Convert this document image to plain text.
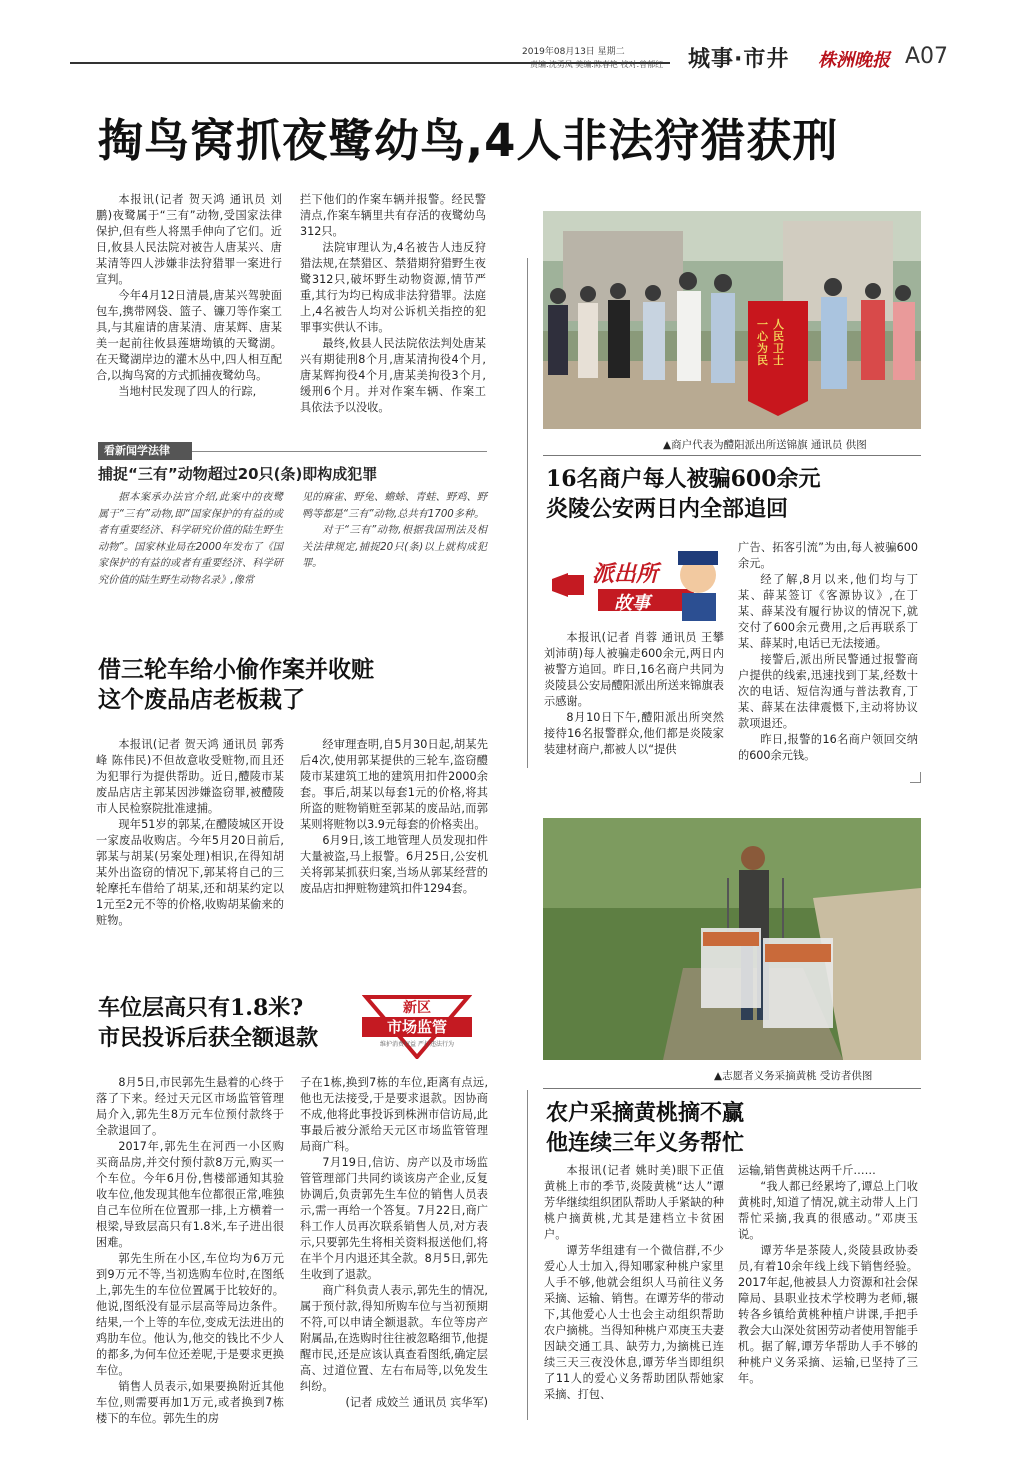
2019年08月13日 星期二
责编:沈勇凤 美编:陈春艳 校对:曾郁红 城事·市井 株洲晚报 A07
掏鸟窝抓夜鹭幼鸟,4人非法狩猎获刑

本报讯(记者 贺天鸿 通讯员 刘鹏)夜鹭属于“三有”动物,受国家法律保护,但有些人将黑手伸向了它们。近日,攸县人民法院对被告人唐某兴、唐某清等四人涉嫌非法狩猎罪一案进行宣判。

今年4月12日清晨,唐某兴驾驶面包车,携带网袋、篮子、镰刀等作案工具,与其雇请的唐某清、唐某辉、唐某美一起前往攸县莲塘坳镇的天鹭湖。在天鹭湖岸边的灌木丛中,四人相互配合,以掏鸟窝的方式抓捕夜鹭幼鸟。

当地村民发现了四人的行踪,

拦下他们的作案车辆并报警。经民警清点,作案车辆里共有存活的夜鹭幼鸟312只。

法院审理认为,4名被告人违反狩猎法规,在禁猎区、禁猎期狩猎野生夜鹭312只,破坏野生动物资源,情节严重,其行为均已构成非法狩猎罪。法庭上,4名被告人均对公诉机关指控的犯罪事实供认不讳。

最终,攸县人民法院依法判处唐某兴有期徒刑8个月,唐某清拘役4个月,唐某辉拘役4个月,唐某美拘役3个月,缓刑6个月。并对作案车辆、作案工具依法予以没收。

看新闻学法律
捕捉“三有”动物超过20只(条)即构成犯罪

据本案承办法官介绍,此案中的夜鹭属于“三有”动物,即“国家保护的有益的或者有重要经济、科学研究价值的陆生野生动物”。国家林业局在2000年发布了《国家保护的有益的或者有重要经济、科学研究价值的陆生野生动物名录》,像常

见的麻雀、野兔、蟾蜍、青蛙、野鸡、野鸭等都是“三有”动物,总共有1700多种。

对于“三有”动物,根据我国刑法及相关法律规定,捕捉20只(条)以上就构成犯罪。

借三轮车给小偷作案并收赃
这个废品店老板栽了

本报讯(记者 贺天鸿 通讯员 郭秀峰 陈伟民)不但故意收受赃物,而且还为犯罪行为提供帮助。近日,醴陵市某废品店店主郭某因涉嫌盗窃罪,被醴陵市人民检察院批准逮捕。

现年51岁的郭某,在醴陵城区开设一家废品收购店。今年5月20日前后,郭某与胡某(另案处理)相识,在得知胡某外出盗窃的情况下,郭某将自己的三轮摩托车借给了胡某,还和胡某约定以1元至2元不等的价格,收购胡某偷来的赃物。

经审理查明,自5月30日起,胡某先后4次,使用郭某提供的三轮车,盗窃醴陵市某建筑工地的建筑用扣件2000余套。事后,胡某以每套1元的价格,将其所盗的赃物销赃至郭某的废品站,而郭某则将赃物以3.9元每套的价格卖出。

6月9日,该工地管理人员发现扣件大量被盗,马上报警。6月25日,公安机关将郭某抓获归案,当场从郭某经营的废品店扣押赃物建筑扣件1294套。

车位层高只有1.8米?
市民投诉后获全额退款
新区
市场监管
维护消费权益 严打违法行为

8月5日,市民郭先生悬着的心终于落了下来。经过天元区市场监管管理局介入,郭先生8万元车位预付款终于全款退回了。

2017年,郭先生在河西一小区购买商品房,并交付预付款8万元,购买一个车位。今年6月份,售楼部通知其验收车位,他发现其他车位都很正常,唯独自己车位所在位置那一排,上方横着一根梁,导致层高只有1.8米,车子进出很困难。

郭先生所在小区,车位均为6万元到9万元不等,当初选购车位时,在图纸上,郭先生的车位位置属于比较好的。他说,图纸没有显示层高等局边条件。结果,一个上等的车位,变成无法进出的鸡肋车位。他认为,他交的钱比不少人的都多,为何车位还差呢,于是要求更换车位。

销售人员表示,如果要换附近其他车位,则需要再加1万元,或者换到7栋楼下的车位。郭先生的房

子在1栋,换到7栋的车位,距离有点远,他也无法接受,于是要求退款。因协商不成,他将此事投诉到株洲市信访局,此事最后被分派给天元区市场监管管理局商广科。

7月19日,信访、房产以及市场监管管理部门共同约谈该房产企业,反复协调后,负责郭先生车位的销售人员表示,需一再给一个答复。7月22日,商广科工作人员再次联系销售人员,对方表示,只要郭先生将相关资料报送他们,将在半个月内退还其全款。8月5日,郭先生收到了退款。

商广科负责人表示,郭先生的情况,属于预付款,得知所购车位与当初预期不符,可以申请全额退款。车位等房产附属品,在选购时往往被忽略细节,他提醒市民,还是应该认真查看图纸,确定层高、过道位置、左右布局等,以免发生纠纷。

(记者 成姣兰 通讯员 宾华军)

人民卫士
一心为民
▲商户代表为醴阳派出所送锦旗 通讯员 供图
16名商户每人被骗600余元
炎陵公安两日内全部追回
派出所
故事

本报讯(记者 肖蓉 通讯员 王攀 刘沛萌)每人被骗走600余元,两日内被警方追回。昨日,16名商户共同为炎陵县公安局醴阳派出所送来锦旗表示感谢。

8月10日下午,醴阳派出所突然接待16名报警群众,他们都是炎陵家装建材商户,都被人以“提供

广告、拓客引流”为由,每人被骗600余元。

经了解,8月以来,他们均与丁某、薛某签订《客源协议》,在丁某、薛某没有履行协议的情况下,就交付了600余元费用,之后再联系丁某、薛某时,电话已无法接通。

接警后,派出所民警通过报警商户提供的线索,迅速找到丁某,经数十次的电话、短信沟通与普法教育,丁某、薛某在法律震慑下,主动将协议款项退还。

昨日,报警的16名商户领回交纳的600余元钱。

▲志愿者义务采摘黄桃 受访者供图
农户采摘黄桃摘不赢
他连续三年义务帮忙

本报讯(记者 姚时美)眼下正值黄桃上市的季节,炎陵黄桃“达人”谭芳华继续组织团队帮助人手紧缺的种桃户摘黄桃,尤其是建档立卡贫困户。

谭芳华组建有一个微信群,不少爱心人士加入,得知哪家种桃户家里人手不够,他就会组织人马前往义务采摘、运输、销售。在谭芳华的带动下,其他爱心人士也会主动组织帮助农户摘桃。当得知种桃户邓庚玉夫妻因缺交通工具、缺劳力,为摘桃已连续三天三夜没休息,谭芳华当即组织了11人的爱心义务帮助团队帮她家采摘、打包、

运输,销售黄桃达两千斤……

“我人都已经累垮了,谭总上门收黄桃时,知道了情况,就主动带人上门帮忙采摘,我真的很感动。”邓庚玉说。

谭芳华是茶陵人,炎陵县政协委员,有着10余年线上线下销售经验。2017年起,他被县人力资源和社会保障局、县职业技术学校聘为老师,辗转各乡镇给黄桃种植户讲课,手把手教会大山深处贫困劳动者使用智能手机。据了解,谭芳华帮助人手不够的种桃户义务采摘、运输,已坚持了三年。
